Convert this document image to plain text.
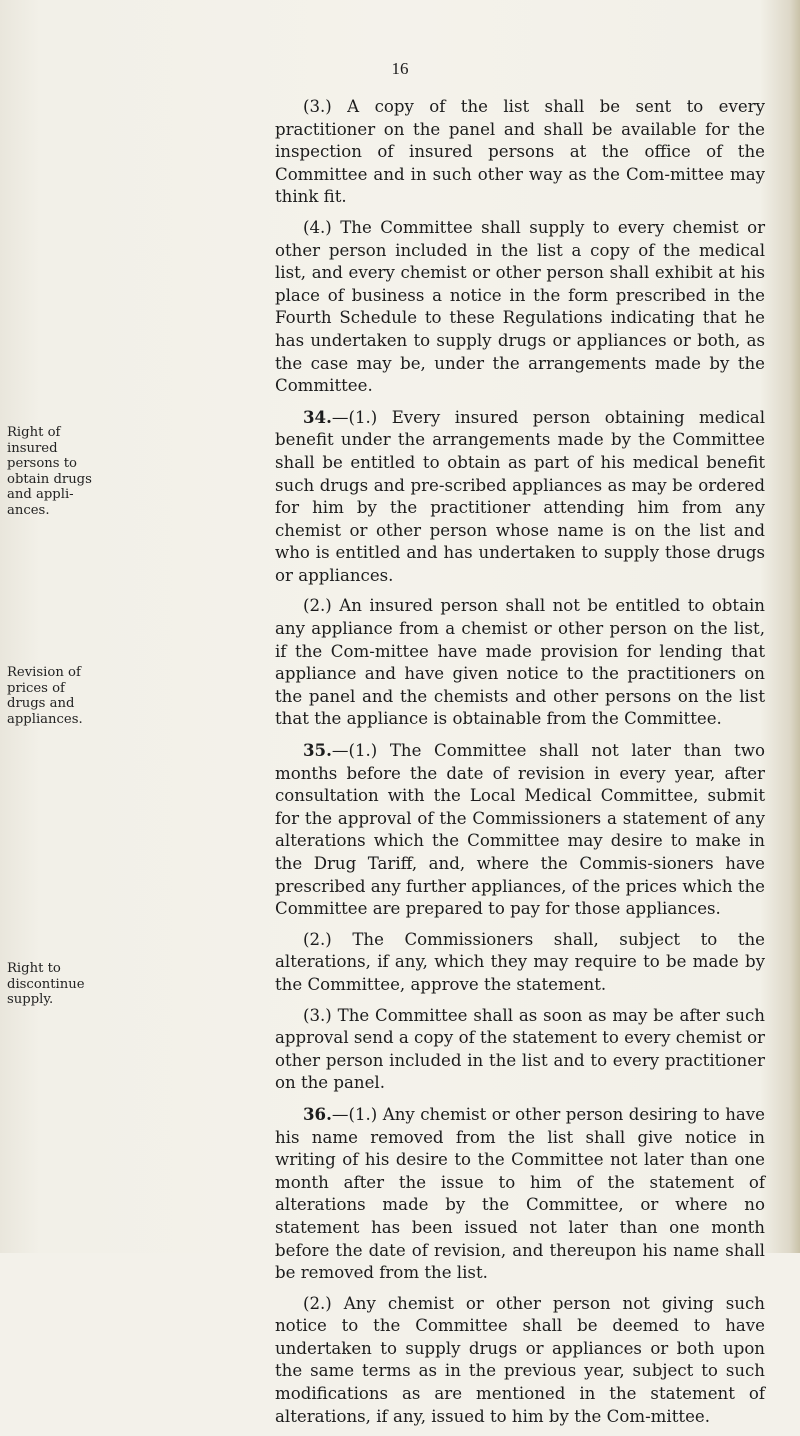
16
Right of insured persons to obtain drugs and appli-ances.
Revision of prices of drugs and appliances.
Right to discontinue supply.

(3.) A copy of the list shall be sent to every practitioner on the panel and shall be available for the inspection of insured persons at the office of the Committee and in such other way as the Com-mittee may think fit.

(4.) The Committee shall supply to every chemist or other person included in the list a copy of the medical list, and every chemist or other person shall exhibit at his place of business a notice in the form prescribed in the Fourth Schedule to these Regulations indicating that he has undertaken to supply drugs or appliances or both, as the case may be, under the arrangements made by the Committee.

34.—(1.) Every insured person obtaining medical benefit under the arrangements made by the Committee shall be entitled to obtain as part of his medical benefit such drugs and pre-scribed appliances as may be ordered for him by the practitioner attending him from any chemist or other person whose name is on the list and who is entitled and has undertaken to supply those drugs or appliances.

(2.) An insured person shall not be entitled to obtain any appliance from a chemist or other person on the list, if the Com-mittee have made provision for lending that appliance and have given notice to the practitioners on the panel and the chemists and other persons on the list that the appliance is obtainable from the Committee.

35.—(1.) The Committee shall not later than two months before the date of revision in every year, after consultation with the Local Medical Committee, submit for the approval of the Commissioners a statement of any alterations which the Committee may desire to make in the Drug Tariff, and, where the Commis-sioners have prescribed any further appliances, of the prices which the Committee are prepared to pay for those appliances.

(2.) The Commissioners shall, subject to the alterations, if any, which they may require to be made by the Committee, approve the statement.

(3.) The Committee shall as soon as may be after such approval send a copy of the statement to every chemist or other person included in the list and to every practitioner on the panel.

36.—(1.) Any chemist or other person desiring to have his name removed from the list shall give notice in writing of his desire to the Committee not later than one month after the issue to him of the statement of alterations made by the Committee, or where no statement has been issued not later than one month before the date of revision, and thereupon his name shall be removed from the list.

(2.) Any chemist or other person not giving such notice to the Committee shall be deemed to have undertaken to supply drugs or appliances or both upon the same terms as in the previous year, subject to such modifications as are mentioned in the statement of alterations, if any, issued to him by the Com-mittee.
